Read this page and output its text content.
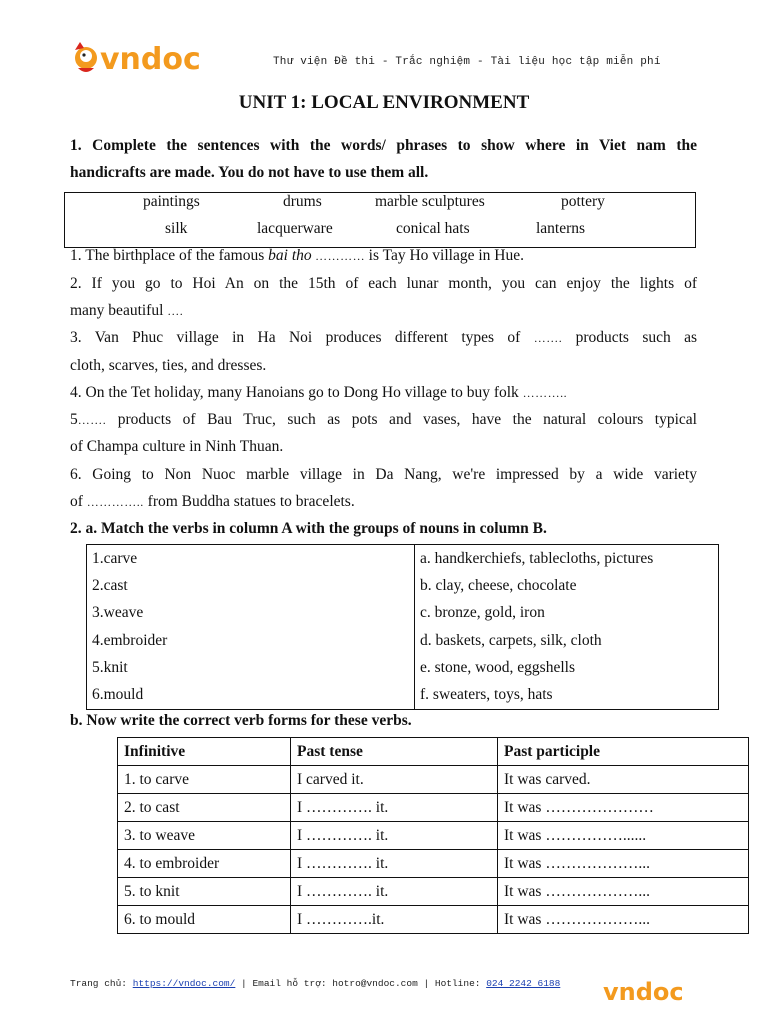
vndoc	Thư viện Đề thi - Trắc nghiệm - Tài liệu học tập miễn phí
UNIT 1: LOCAL ENVIRONMENT
1. Complete the sentences with the words/ phrases to show where in Viet nam the
handicrafts are made. You do not have to use them all.
paintings	drums	marble sculptures	pottery
silk	lacquerware	conical hats	lanterns
1. The birthplace of the famous bai tho ………… is Tay Ho village in Hue.
2. If you go to Hoi An on the 15th of each lunar month, you can enjoy the lights of
many beautiful ….
3. Van Phuc village in Ha Noi produces different types of ……. products such as
cloth, scarves, ties, and dresses.
4. On the Tet holiday, many Hanoians go to Dong Ho village to buy folk ………..
5……. products of Bau Truc, such as pots and vases, have the natural colours typical
of Champa culture in Ninh Thuan.
6. Going to Non Nuoc marble village in Da Nang, we're impressed by a wide variety
of ………….. from Buddha statues to bracelets.
2. a. Match the verbs in column A with the groups of nouns in column B.
1.carve	a. handkerchiefs, tablecloths, pictures
2.cast	b. clay, cheese, chocolate
3.weave	c. bronze, gold, iron
4.embroider	d. baskets, carpets, silk, cloth
5.knit	e. stone, wood, eggshells
6.mould	f. sweaters, toys, hats
b. Now write the correct verb forms for these verbs.
Infinitive	Past tense	Past participle
1. to carve	I carved it.	It was carved.
2. to cast	I …………. it.	It was …………………
3. to weave	I …………. it.	It was ……………......
4. to embroider	I …………. it.	It was ………………...
5. to knit	I …………. it.	It was ………………...
6. to mould	I ………….it.	It was ………………...
Trang chủ: https://vndoc.com/ | Email hỗ trợ: hotro@vndoc.com | Hotline: 024 2242 6188	vndoc
